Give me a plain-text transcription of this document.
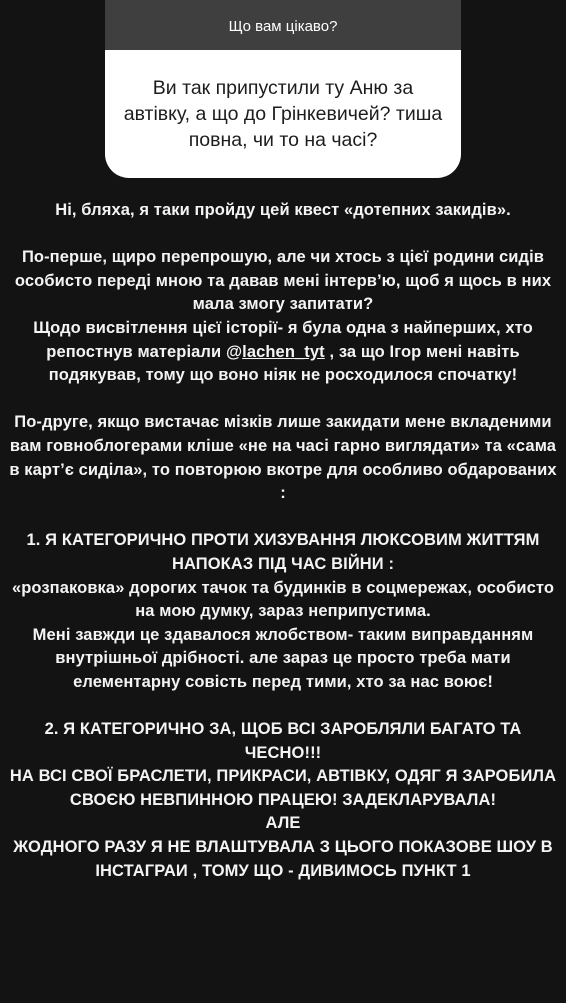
Що вам цікаво?
Ви так припустили ту Аню за автівку, а що до Грінкевичей? тиша повна, чи то на часі?

Ні, бляха, я таки пройду цей квест «дотепних закидів».

По-перше, щиро перепрошую, але чи хтось з цієї родини сидів особисто переді мною та давав мені інтерв’ю, щоб я щось в них мала змогу запитати?
Щодо висвітлення цієї історії- я була одна з найперших, хто репостнув матеріали @lachen_tyt , за що Ігор мені навіть подякував, тому що воно ніяк не росходилося спочатку!

По-друге, якщо вистачає мізків лише закидати мене вкладеними вам говноблогерами кліше «не на часі гарно виглядати» та «сама в карт’є сиділа», то повторюю вкотре для особливо обдарованих :

1. Я КАТЕГОРИЧНО ПРОТИ ХИЗУВАННЯ ЛЮКСОВИМ ЖИТТЯМ НАПОКАЗ ПІД ЧАС ВІЙНИ :
«розпаковка» дорогих тачок та будинків в соцмережах, особисто на мою думку, зараз неприпустима.
Мені завжди це здавалося жлобством- таким виправданням внутрішньої дрібності. але зараз це просто треба мати елементарну совість перед тими, хто за нас воює!

2. Я КАТЕГОРИЧНО ЗА, ЩОБ ВСІ ЗАРОБЛЯЛИ БАГАТО ТА ЧЕСНО!!!
НА ВСІ СВОЇ БРАСЛЕТИ, ПРИКРАСИ, АВТІВКУ, ОДЯГ Я ЗАРОБИЛА СВОЄЮ НЕВПИННОЮ ПРАЦЕЮ! ЗАДЕКЛАРУВАЛА!
АЛЕ
ЖОДНОГО РАЗУ Я НЕ ВЛАШТУВАЛА З ЦЬОГО ПОКАЗОВЕ ШОУ В ІНСТАГРАИ , ТОМУ ЩО - ДИВИМОСЬ ПУНКТ 1
